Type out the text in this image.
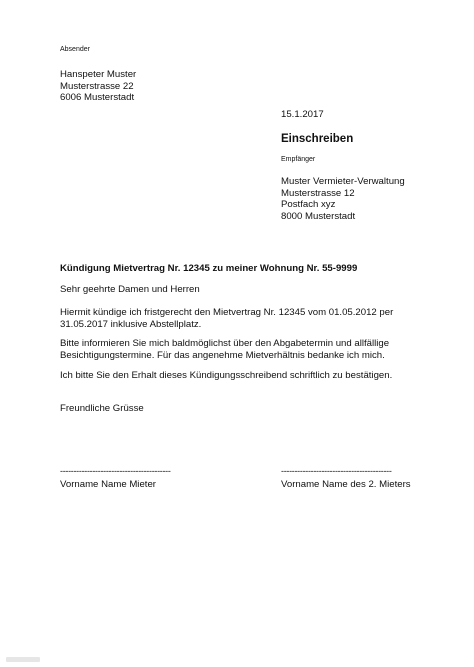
Absender
Hanspeter Muster
Musterstrasse 22
6006 Musterstadt
15.1.2017
Einschreiben
Empfänger
Muster Vermieter-Verwaltung
Musterstrasse 12
Postfach xyz
8000 Musterstadt
Kündigung Mietvertrag Nr. 12345 zu meiner Wohnung Nr. 55-9999
Sehr geehrte Damen und Herren
Hiermit kündige ich fristgerecht den Mietvertrag Nr. 12345 vom 01.05.2012 per 31.05.2017 inklusive Abstellplatz.
Bitte informieren Sie mich baldmöglichst über den Abgabetermin und allfällige Besichtigungstermine. Für das angenehme Mietverhältnis bedanke ich mich.
Ich bitte Sie den Erhalt dieses Kündigungsschreibend schriftlich zu bestätigen.
Freundliche Grüsse
-----------------------------------------	-----------------------------------------
Vorname Name Mieter	Vorname Name des 2. Mieters
